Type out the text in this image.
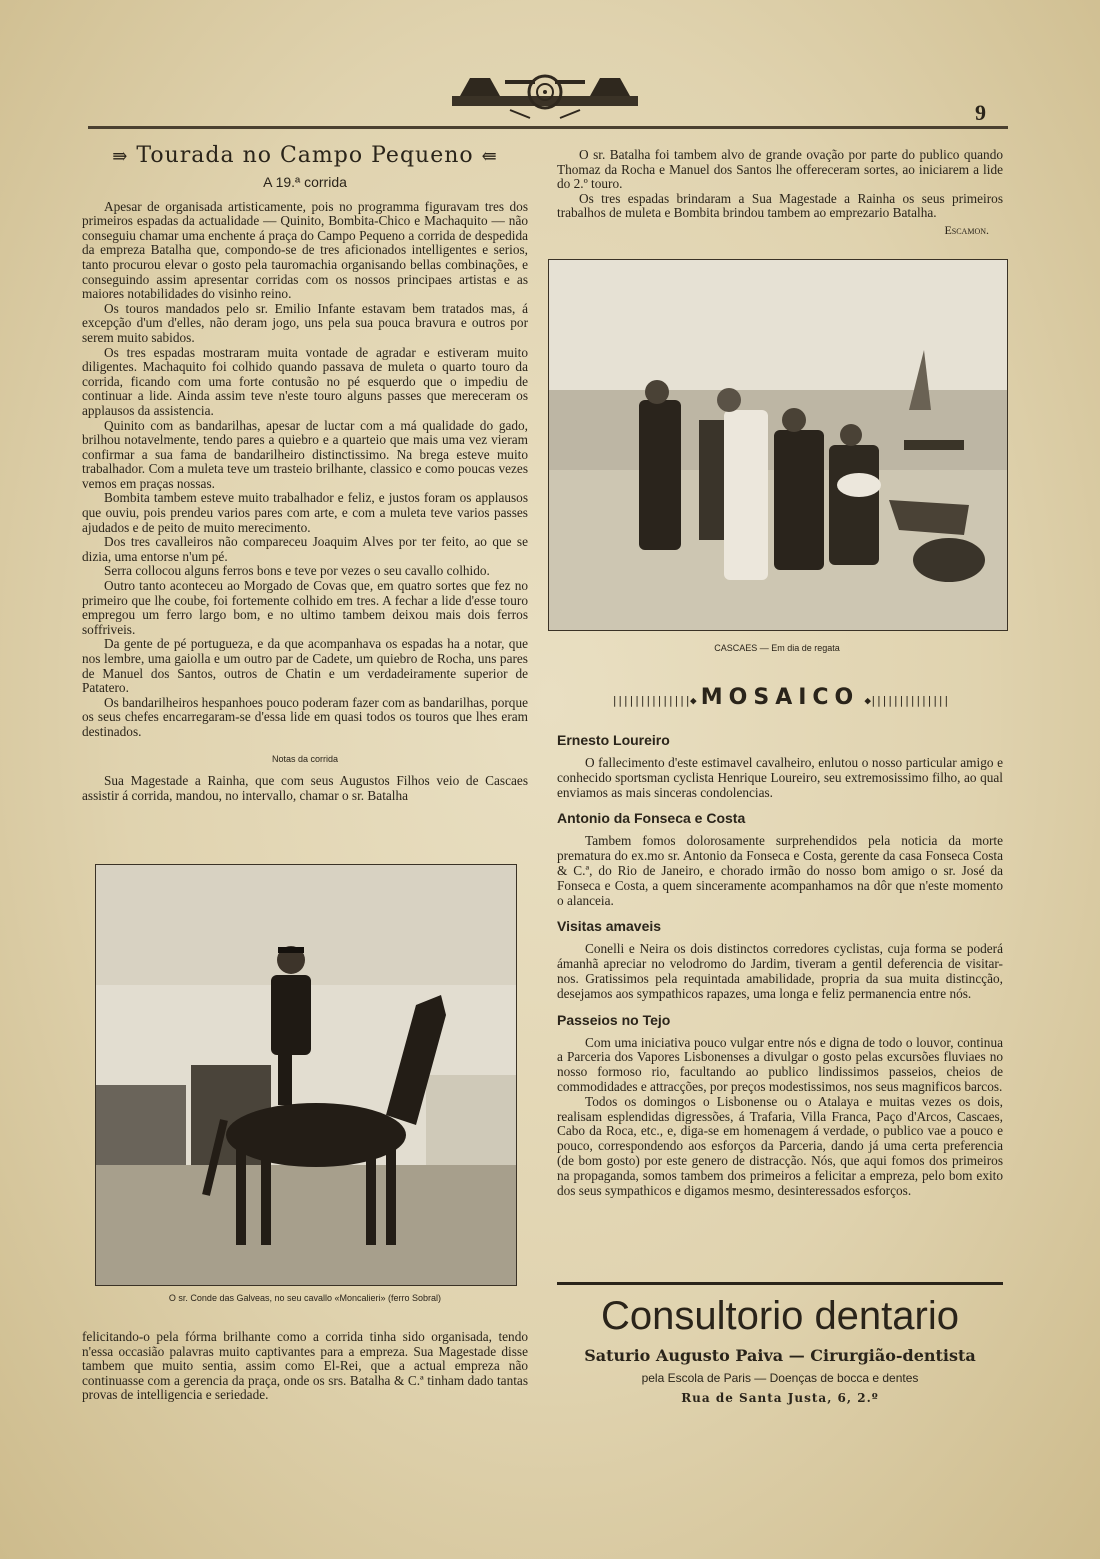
9
⇛ Tourada no Campo Pequeno ⇚
A 19.ª corrida

Apesar de organisada artisticamente, pois no programma figuravam tres dos primeiros espadas da actualidade — Quinito, Bombita-Chico e Machaquito — não conseguiu chamar uma enchente á praça do Campo Pequeno a corrida de despedida da empreza Batalha que, compondo-se de tres aficionados intelligentes e serios, tanto procurou elevar o gosto pela tauromachia organisando bellas combinações, e conseguindo assim apresentar corridas com os nossos principaes artistas e as maiores notabilidades do visinho reino.

Os touros mandados pelo sr. Emilio Infante estavam bem tratados mas, á excepção d'um d'elles, não deram jogo, uns pela sua pouca bravura e outros por serem muito sabidos.

Os tres espadas mostraram muita vontade de agradar e estiveram muito diligentes. Machaquito foi colhido quando passava de muleta o quarto touro da corrida, ficando com uma forte contusão no pé esquerdo que o impediu de continuar a lide. Ainda assim teve n'este touro alguns passes que mereceram os applausos da assistencia.

Quinito com as bandarilhas, apesar de luctar com a má qualidade do gado, brilhou notavelmente, tendo pares a quiebro e a quarteio que mais uma vez vieram confirmar a sua fama de bandarilheiro distinctissimo. Na brega esteve muito trabalhador. Com a muleta teve um trasteio brilhante, classico e como poucas vezes vemos em praças nossas.

Bombita tambem esteve muito trabalhador e feliz, e justos foram os applausos que ouviu, pois prendeu varios pares com arte, e com a muleta teve varios passes ajudados e de peito de muito merecimento.

Dos tres cavalleiros não compareceu Joaquim Alves por ter feito, ao que se dizia, uma entorse n'um pé.

Serra collocou alguns ferros bons e teve por vezes o seu cavallo colhido.

Outro tanto aconteceu ao Morgado de Covas que, em quatro sortes que fez no primeiro que lhe coube, foi fortemente colhido em tres. A fechar a lide d'esse touro empregou um ferro largo bom, e no ultimo tambem deixou mais dois ferros soffriveis.

Da gente de pé portugueza, e da que acompanhava os espadas ha a notar, que nos lembre, uma gaiolla e um outro par de Cadete, um quiebro de Rocha, uns pares de Manuel dos Santos, outros de Chatin e um verdadeiramente superior de Patatero.

Os bandarilheiros hespanhoes pouco poderam fazer com as bandarilhas, porque os seus chefes encarregaram-se d'essa lide em quasi todos os touros que lhes eram destinados.

Notas da corrida

Sua Magestade a Rainha, que com seus Augustos Filhos veio de Cascaes assistir á corrida, mandou, no intervallo, chamar o sr. Batalha

O sr. Conde das Galveas, no seu cavallo «Moncalieri» (ferro Sobral)

felicitando-o pela fórma brilhante como a corrida tinha sido organisada, tendo n'essa occasião palavras muito captivantes para a empreza. Sua Magestade disse tambem que muito sentia, assim como El-Rei, que a actual empreza não continuasse com a gerencia da praça, onde os srs. Batalha & C.ª tinham dado tantas provas de intelligencia e seriedade.

O sr. Batalha foi tambem alvo de grande ovação por parte do publico quando Thomaz da Rocha e Manuel dos Santos lhe offereceram sortes, ao iniciarem a lide do 2.º touro.

Os tres espadas brindaram a Sua Magestade a Rainha os seus primeiros trabalhos de muleta e Bombita brindou tambem ao emprezario Batalha.

Escamon.
CASCAES — Em dia de regata
||||||||||||||◆ MOSAICO ◆||||||||||||||
Ernesto Loureiro

O fallecimento d'este estimavel cavalheiro, enlutou o nosso particular amigo e conhecido sportsman cyclista Henrique Loureiro, seu extremosissimo filho, ao qual enviamos as mais sinceras condolencias.

Antonio da Fonseca e Costa

Tambem fomos dolorosamente surprehendidos pela noticia da morte prematura do ex.mo sr. Antonio da Fonseca e Costa, gerente da casa Fonseca Costa & C.ª, do Rio de Janeiro, e chorado irmão do nosso bom amigo o sr. José da Fonseca e Costa, a quem sinceramente acompanhamos na dôr que n'este momento o alanceia.

Visitas amaveis

Conelli e Neira os dois distinctos corredores cyclistas, cuja forma se poderá ámanhã apreciar no velodromo do Jardim, tiveram a gentil deferencia de visitar-nos. Gratissimos pela requintada amabilidade, propria da sua muita distincção, desejamos aos sympathicos rapazes, uma longa e feliz permanencia entre nós.

Passeios no Tejo

Com uma iniciativa pouco vulgar entre nós e digna de todo o louvor, continua a Parceria dos Vapores Lisbonenses a divulgar o gosto pelas excursões fluviaes no nosso formoso rio, facultando ao publico lindissimos passeios, cheios de commodidades e attracções, por preços modestissimos, nos seus magnificos barcos.

Todos os domingos o Lisbonense ou o Atalaya e muitas vezes os dois, realisam esplendidas digressões, á Trafaria, Villa Franca, Paço d'Arcos, Cascaes, Cabo da Roca, etc., e, diga-se em homenagem á verdade, o publico vae a pouco e pouco, correspondendo aos esforços da Parceria, dando já uma certa preferencia (de bom gosto) por este genero de distracção. Nós, que aqui fomos dos primeiros na propaganda, somos tambem dos primeiros a felicitar a empreza, pelo bom exito dos seus sympathicos e digamos mesmo, desinteressados esforços.

Consultorio dentario
Saturio Augusto Paiva — Cirurgião-dentista
pela Escola de Paris — Doenças de bocca e dentes
Rua de Santa Justa, 6, 2.º
